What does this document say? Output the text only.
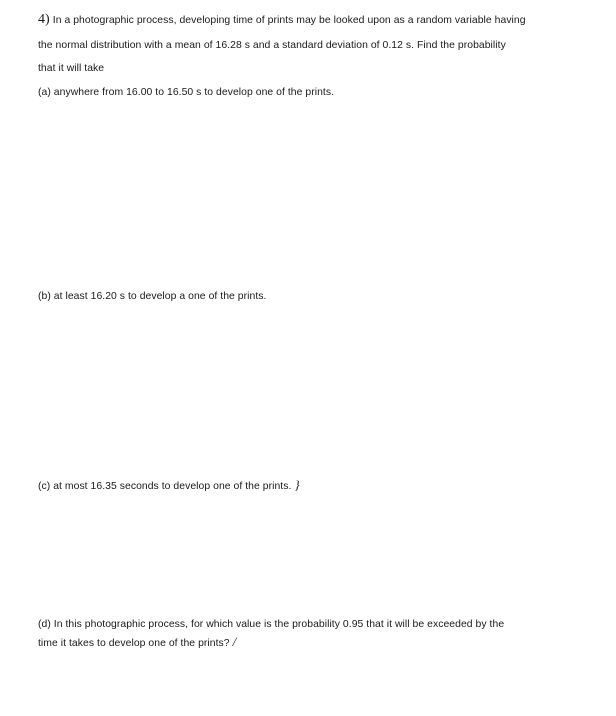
4) In a photographic process, developing time of prints may be looked upon as a random variable having
the normal distribution with a mean of 16.28 s and a standard deviation of 0.12 s. Find the probability
that it will take
(a) anywhere from 16.00 to 16.50 s to develop one of the prints.
(b) at least 16.20 s to develop a one of the prints.
(c) at most 16.35 seconds to develop one of the prints. }
(d) In this photographic process, for which value is the probability 0.95 that it will be exceeded by the
time it takes to develop one of the prints? /
